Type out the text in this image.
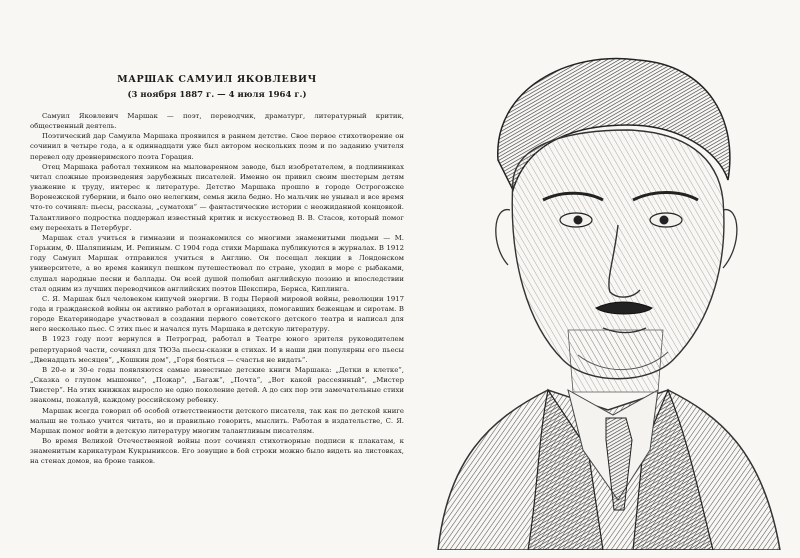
МАРШАК САМУИЛ ЯКОВЛЕВИЧ
(3 ноября 1887 г. — 4 июля 1964 г.)

Самуил Яковлевич Маршак — поэт, переводчик, драматург, литературный критик, общественный деятель.

Поэтический дар Самуила Маршака проявился в раннем детстве. Свое первое стихотворение он сочинил в четыре года, а к одиннадцати уже был автором нескольких поэм и по заданию учителя перевел оду древнеримского поэта Горация.

Отец Маршака работал техником на мыловаренном заводе, был изобретателем, в подлинниках читал сложные произведения зарубежных писателей. Именно он привил своим шестерым детям уважение к труду, интерес к литературе. Детство Маршака прошло в городе Острогожске Воронежской губернии, и было оно нелегким, семья жила бедно. Но мальчик не унывал и все время что-то сочинял: пьесы, рассказы, „суматохи“ — фантастические истории с неожиданной концовкой. Талантливого подростка поддержал известный критик и искусствовед В. В. Стасов, который помог ему переехать в Петербург.

Маршак стал учиться в гимназии и познакомился со многими знаменитыми людьми — М. Горьким, Ф. Шаляпиным, И. Репиным. С 1904 года стихи Маршака публикуются в журналах. В 1912 году Самуил Маршак отправился учиться в Англию. Он посещал лекции в Лондонском университете, а во время каникул пешком путешествовал по стране, уходил в море с рыбаками, слушал народные песни и баллады. Он всей душой полюбил английскую поэзию и впоследствии стал одним из лучших переводчиков английских поэтов Шекспира, Бернса, Киплинга.

С. Я. Маршак был человеком кипучей энергии. В годы Первой мировой войны, революции 1917 года и гражданской войны он активно работал в организациях, помогавших беженцам и сиротам. В городе Екатеринодаре участвовал в создании первого советского детского театра и написал для него несколько пьес. С этих пьес и начался путь Маршака в детскую литературу.

В 1923 году поэт вернулся в Петроград, работал в Театре юного зрителя руководителем репертуарной части, сочинял для ТЮЗа пьесы-сказки в стихах. И в наши дни популярны его пьесы „Двенадцать месяцев“, „Кошкин дом“, „Горя бояться — счастья не видать“.

В 20-е и 30-е годы появляются самые известные детские книги Маршака: „Детки в клетке“, „Сказка о глупом мышонке“, „Пожар“, „Багаж“, „Почта“, „Вот какой рассеянный“, „Мистер Твистер“. На этих книжках выросло не одно поколение детей. А до сих пор эти замечательные стихи знакомы, пожалуй, каждому российскому ребенку.

Маршак всегда говорил об особой ответственности детского писателя, так как по детской книге малыш не только учится читать, но и правильно говорить, мыслить. Работая в издательстве, С. Я. Маршак помог войти в детскую литературу многим талантливым писателям.

Во время Великой Отечественной войны поэт сочинял стихотворные подписи к плакатам, к знаменитым карикатурам Кукрыниксов. Его зовущие в бой строки можно было видеть на листовках, на стенах домов, на броне танков.
